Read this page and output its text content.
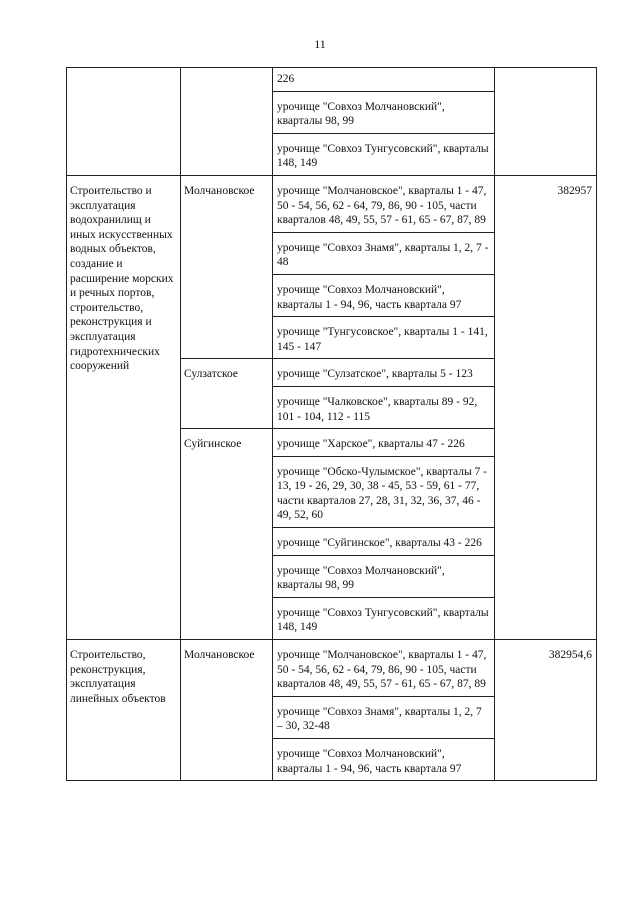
11
		226	
		урочище "Совхоз Молчановский", кварталы 98, 99	
		урочище "Совхоз Тунгусовский", кварталы 148, 149	
Строительство и эксплуатация водохранилищ и иных искусственных водных объектов, создание и расширение морских и речных портов, строительство, реконструкция и эксплуатация гидротехнических сооружений	Молчановское	урочище "Молчановское", кварталы 1 - 47, 50 - 54, 56, 62 - 64, 79, 86, 90 - 105, части кварталов 48, 49, 55, 57 - 61, 65 - 67, 87, 89	382957
		урочище "Совхоз Знамя", кварталы 1, 2, 7 - 48	
		урочище "Совхоз Молчановский", кварталы 1 - 94, 96, часть квартала 97	
		урочище "Тунгусовское", кварталы 1 - 141, 145 - 147	
	Сулзатское	урочище "Сулзатское", кварталы 5 - 123	
		урочище "Чалковское", кварталы 89 - 92, 101 - 104, 112 - 115	
	Суйгинское	урочище "Харское", кварталы 47 - 226	
		урочище "Обско-Чулымское", кварталы 7 - 13, 19 - 26, 29, 30, 38 - 45, 53 - 59, 61 - 77, части кварталов 27, 28, 31, 32, 36, 37, 46 - 49, 52, 60	
		урочище "Суйгинское", кварталы 43 - 226	
		урочище "Совхоз Молчановский", кварталы 98, 99	
		урочище "Совхоз Тунгусовский", кварталы 148, 149	
Строительство, реконструкция, эксплуатация линейных объектов	Молчановское	урочище "Молчановское", кварталы 1 - 47, 50 - 54, 56, 62 - 64, 79, 86, 90 - 105, части кварталов 48, 49, 55, 57 - 61, 65 - 67, 87, 89	382954,6
		урочище "Совхоз Знамя", кварталы 1, 2, 7 – 30, 32-48	
		урочище "Совхоз Молчановский", кварталы 1 - 94, 96, часть квартала 97	
